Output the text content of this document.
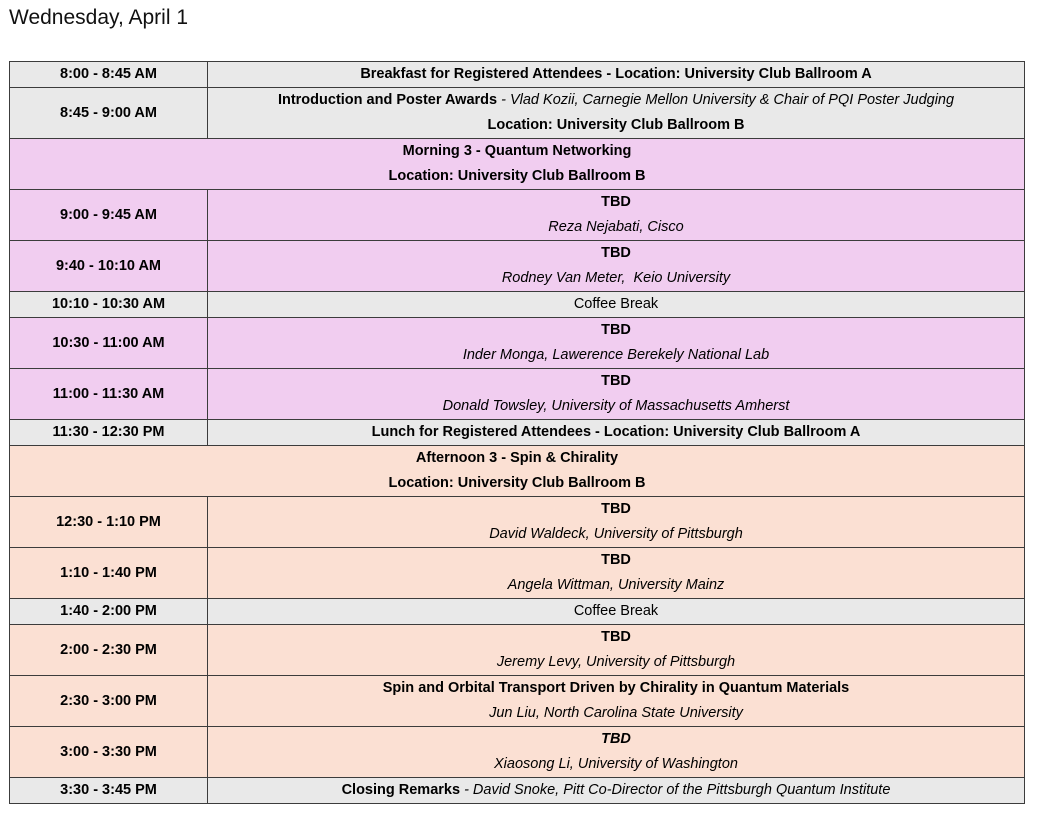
Wednesday, April 1
8:00 - 8:45 AM	Breakfast for Registered Attendees - Location: University Club Ballroom A
8:45 - 9:00 AM	Introduction and Poster Awards - Vlad Kozii, Carnegie Mellon University & Chair of PQI Poster Judging
Location: University Club Ballroom B

Morning 3 - Quantum Networking
Location: University Club Ballroom B	

9:00 - 9:45 AM	TBD
Reza Nejabati, Cisco

9:40 - 10:10 AM	TBD
Rodney Van Meter,  Keio University

10:10 - 10:30 AM	Coffee Break
10:30 - 11:00 AM	TBD
Inder Monga, Lawerence Berekely National Lab

11:00 - 11:30 AM	TBD
Donald Towsley, University of Massachusetts Amherst

11:30 - 12:30 PM	Lunch for Registered Attendees - Location: University Club Ballroom A

Afternoon 3 - Spin & Chirality
Location: University Club Ballroom B	

12:30 - 1:10 PM	TBD
David Waldeck, University of Pittsburgh

1:10 - 1:40 PM	TBD
Angela Wittman, University Mainz

1:40 - 2:00 PM	Coffee Break
2:00 - 2:30 PM	TBD
Jeremy Levy, University of Pittsburgh

2:30 - 3:00 PM	Spin and Orbital Transport Driven by Chirality in Quantum Materials
Jun Liu, North Carolina State University

3:00 - 3:30 PM	TBD
Xiaosong Li, University of Washington

3:30 - 3:45 PM	Closing Remarks - David Snoke, Pitt Co-Director of the Pittsburgh Quantum Institute
